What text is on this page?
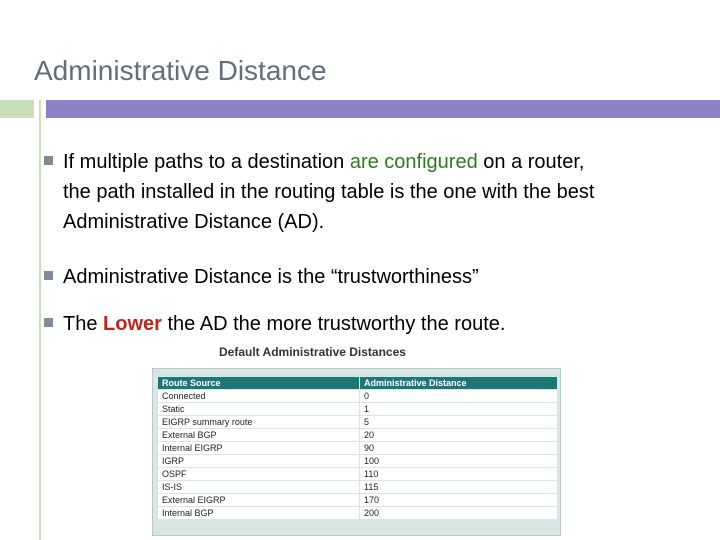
Administrative Distance
If multiple paths to a destination are configured on a router,
the path installed in the routing table is the one with the best
Administrative Distance (AD).
Administrative Distance is the “trustworthiness”
The Lower the AD the more trustworthy the route.
Default Administrative Distances
Route Source	Administrative Distance
Connected	0
Static	1
EIGRP summary route	5
External BGP	20
Internal EIGRP	90
IGRP	100
OSPF	110
IS-IS	115
External EIGRP	170
Internal BGP	200
